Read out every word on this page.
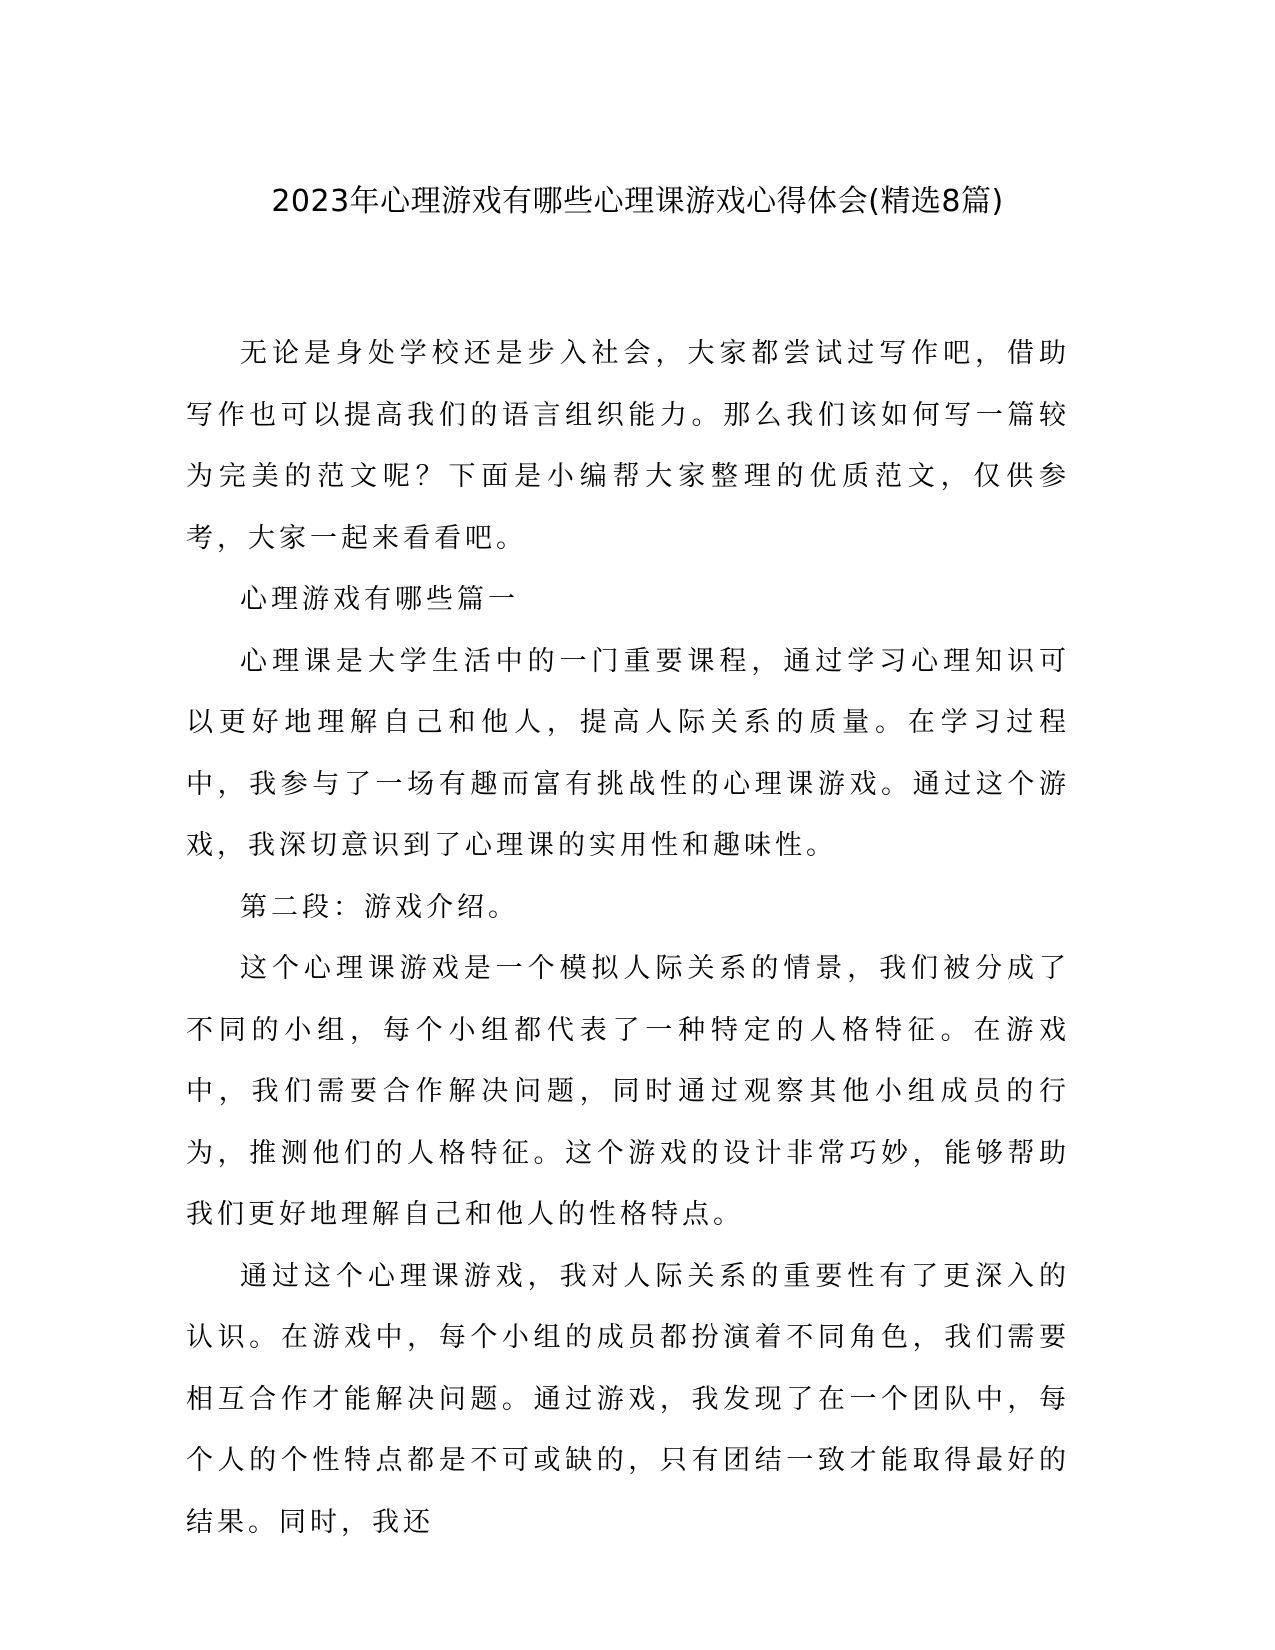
2023年心理游戏有哪些心理课游戏心得体会(精选8篇)

无论是身处学校还是步入社会，大家都尝试过写作吧，借助写作也可以提高我们的语言组织能力。那么我们该如何写一篇较为完美的范文呢？下面是小编帮大家整理的优质范文，仅供参考，大家一起来看看吧。

心理游戏有哪些篇一

心理课是大学生活中的一门重要课程，通过学习心理知识可以更好地理解自己和他人，提高人际关系的质量。在学习过程中，我参与了一场有趣而富有挑战性的心理课游戏。通过这个游戏，我深切意识到了心理课的实用性和趣味性。

第二段：游戏介绍。

这个心理课游戏是一个模拟人际关系的情景，我们被分成了不同的小组，每个小组都代表了一种特定的人格特征。在游戏中，我们需要合作解决问题，同时通过观察其他小组成员的行为，推测他们的人格特征。这个游戏的设计非常巧妙，能够帮助我们更好地理解自己和他人的性格特点。

通过这个心理课游戏，我对人际关系的重要性有了更深入的认识。在游戏中，每个小组的成员都扮演着不同角色，我们需要相互合作才能解决问题。通过游戏，我发现了在一个团队中，每个人的个性特点都是不可或缺的，只有团结一致才能取得最好的结果。同时，我还
